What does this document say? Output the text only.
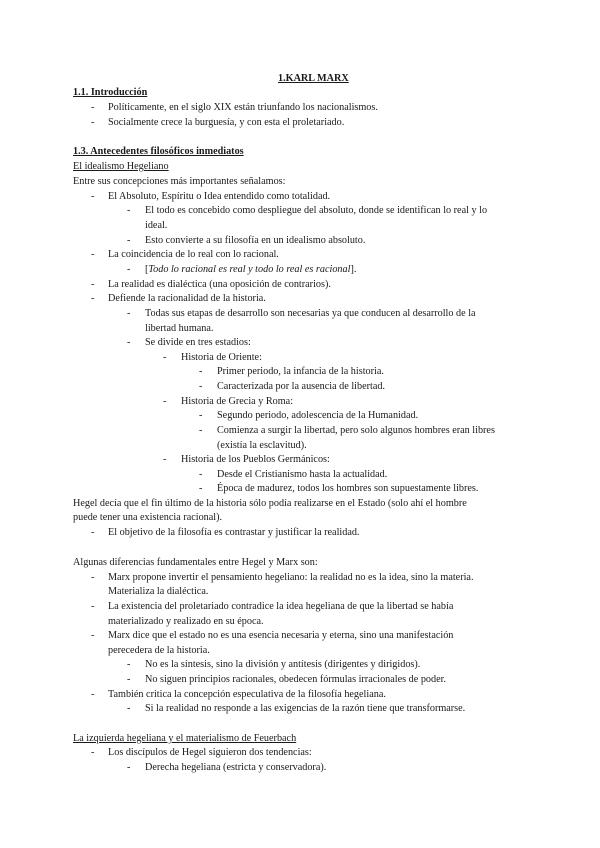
1.KARL MARX
1.1. Introducción
- Políticamente, en el siglo XIX están triunfando los nacionalismos.
- Socialmente crece la burguesía, y con esta el proletariado.
1.3. Antecedentes filosóficos inmediatos
El idealismo Hegeliano
Entre sus concepciones más importantes señalamos:
- El Absoluto, Espíritu o Idea entendido como totalidad.
- El todo es concebido como despliegue del absoluto, donde se identifican lo real y lo
ideal.
- Esto convierte a su filosofía en un idealismo absoluto.
- La coincidencia de lo real con lo racional.
- [Todo lo racional es real y todo lo real es racional].
- La realidad es dialéctica (una oposición de contrarios).
- Defiende la racionalidad de la historia.
- Todas sus etapas de desarrollo son necesarias ya que conducen al desarrollo de la
libertad humana.
- Se divide en tres estadios:
- Historia de Oriente:
- Primer periodo, la infancia de la historia.
- Caracterizada por la ausencia de libertad.
- Historia de Grecia y Roma:
- Segundo periodo, adolescencia de la Humanidad.
- Comienza a surgir la libertad, pero solo algunos hombres eran libres
(existía la esclavitud).
- Historia de los Pueblos Germánicos:
- Desde el Cristianismo hasta la actualidad.
- Época de madurez, todos los hombres son supuestamente libres.
Hegel decía que el fin último de la historia sólo podía realizarse en el Estado (solo ahí el hombre
puede tener una existencia racional).
- El objetivo de la filosofía es contrastar y justificar la realidad.
Algunas diferencias fundamentales entre Hegel y Marx son:
- Marx propone invertir el pensamiento hegeliano: la realidad no es la idea, sino la materia.
Materializa la dialéctica.
- La existencia del proletariado contradice la idea hegeliana de que la libertad se había
materializado y realizado en su época.
- Marx dice que el estado no es una esencia necesaria y eterna, sino una manifestación
perecedera de la historia.
- No es la síntesis, sino la división y antítesis (dirigentes y dirigidos).
- No siguen principios racionales, obedecen fórmulas irracionales de poder.
- También critica la concepción especulativa de la filosofía hegeliana.
- Si la realidad no responde a las exigencias de la razón tiene que transformarse.
La izquierda hegeliana y el materialismo de Feuerbach
- Los discípulos de Hegel siguieron dos tendencias:
- Derecha hegeliana (estricta y conservadora).
